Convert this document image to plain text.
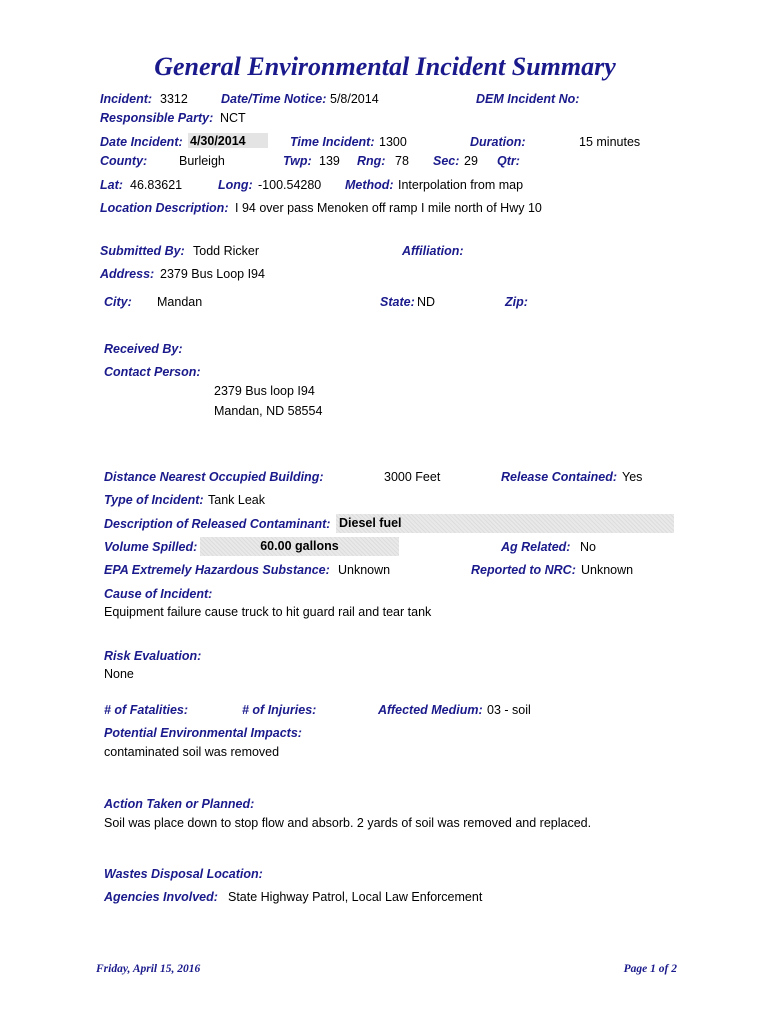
General Environmental Incident Summary
Incident: 3312	Date/Time Notice: 5/8/2014	DEM Incident No:
Responsible Party: NCT
Date Incident: 4/30/2014	Time Incident: 1300	Duration:	15 minutes
County:	Burleigh	Twp: 139 Rng: 78 Sec: 29 Qtr:
Lat: 46.83621	Long: -100.54280 Method: Interpolation from map
Location Description: I 94 over pass Menoken off ramp I mile north of Hwy 10
Submitted By: Todd Ricker	Affiliation:
Address: 2379 Bus Loop I94
City: Mandan	State: ND	Zip:
Received By:
Contact Person:
2379 Bus loop I94
Mandan, ND 58554
Distance Nearest Occupied Building:	3000 Feet	Release Contained: Yes
Type of Incident: Tank Leak
Description of Released Contaminant: Diesel fuel
Volume Spilled:	60.00 gallons	Ag Related: No
EPA Extremely Hazardous Substance: Unknown	Reported to NRC: Unknown
Cause of Incident:
Equipment failure cause truck to hit guard rail and tear tank
Risk Evaluation:
None
# of Fatalities:	# of Injuries:	Affected Medium: 03 - soil
Potential Environmental Impacts:
contaminated soil was removed
Action Taken or Planned:
Soil was place down to stop flow and absorb. 2 yards of soil was removed and replaced.
Wastes Disposal Location:
Agencies Involved: State Highway Patrol, Local Law Enforcement
Friday, April 15, 2016	Page 1 of 2
